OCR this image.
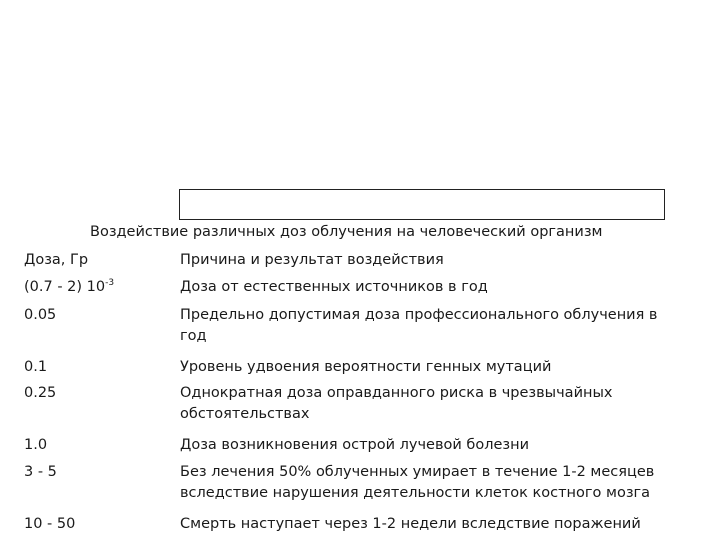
Воздействие различных доз облучения на человеческий организм
Доза, Гр	Причина и результат воздействия
(0.7 - 2) $10^{-3}$	Доза от естественных источников в год
0.05	Предельно допустимая доза профессионального облучения в год
0.1	Уровень удвоения вероятности генных мутаций
0.25	Однократная доза оправданного риска в чрезвычайных обстоятельствах
1.0	Доза возникновения острой лучевой болезни
3 - 5	Без лечения 50% облученных умирает в течение 1-2 месяцев вследствие нарушения деятельности клеток костного мозга
10 - 50	Смерть наступает через 1-2 недели вследствие поражений
